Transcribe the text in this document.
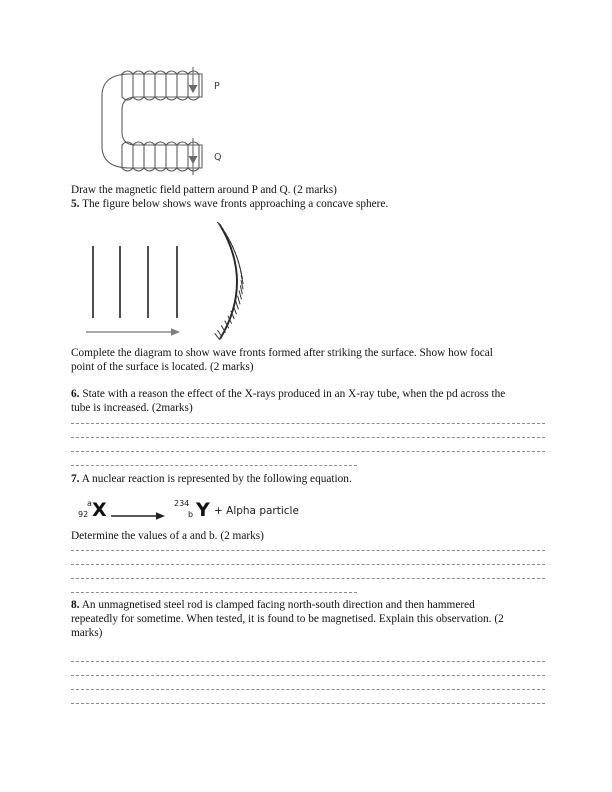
P
Q
Draw the magnetic field pattern around P and Q. (2 marks)
5. The figure below shows wave fronts approaching a concave sphere.
Complete the diagram to show wave fronts formed after striking the surface. Show how focal
point of the surface is located. (2 marks)
6. State with a reason the effect of the X-rays produced in an X-ray tube, when the pd across the
tube is increased. (2marks)
7. A nuclear reaction is represented by the following equation.
a
92 X →
234
b Y + Alpha particle
Determine the values of a and b. (2 marks)
8. An unmagnetised steel rod is clamped facing north-south direction and then hammered
repeatedly for sometime. When tested, it is found to be magnetised. Explain this observation. (2
marks)
